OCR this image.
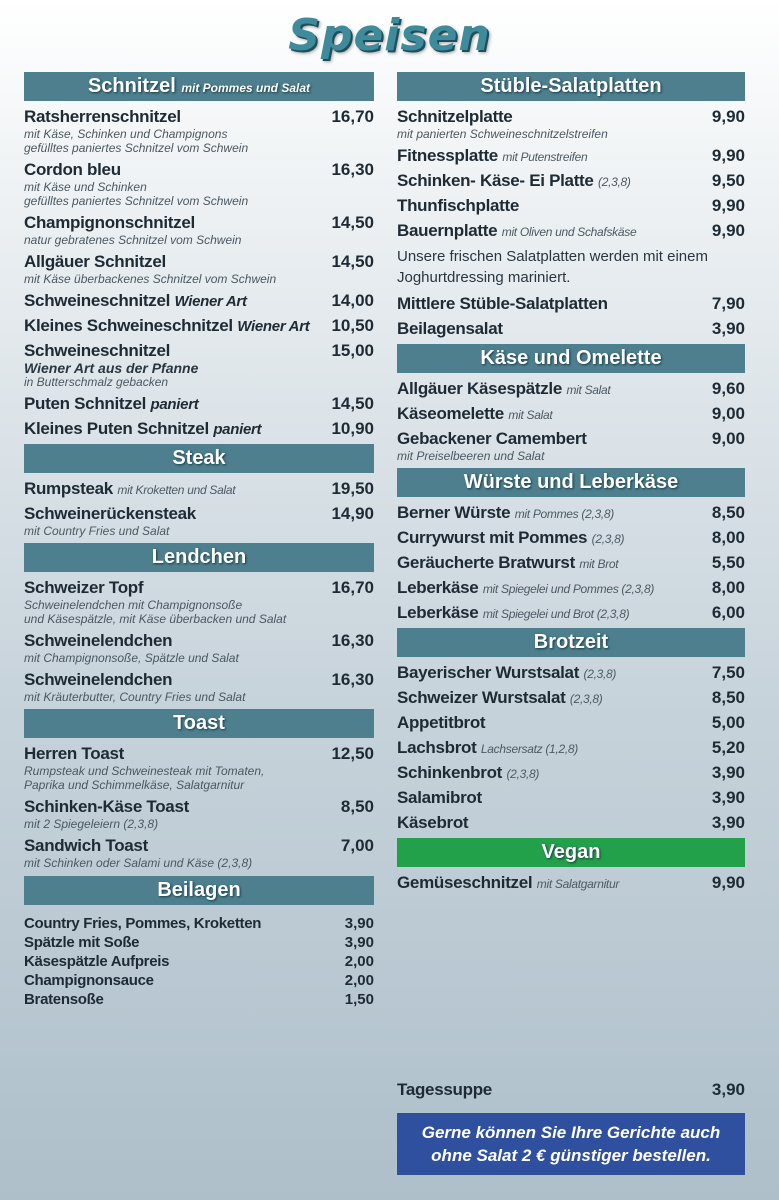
Speisen
Schnitzel mit Pommes und Salat
Ratsherrenschnitzel	16,70
mit Käse, Schinken und Champignons
gefülltes paniertes Schnitzel vom Schwein
Cordon bleu	16,30
mit Käse und Schinken
gefülltes paniertes Schnitzel vom Schwein
Champignonschnitzel	14,50
natur gebratenes Schnitzel vom Schwein
Allgäuer Schnitzel	14,50
mit Käse überbackenes Schnitzel vom Schwein
Schweineschnitzel Wiener Art	14,00
Kleines Schweineschnitzel Wiener Art 10,50
Schweineschnitzel	15,00
Wiener Art aus der Pfanne
in Butterschmalz gebacken
Puten Schnitzel paniert	14,50
Kleines Puten Schnitzel paniert	10,90
Steak
Rumpsteak mit Kroketten und Salat	19,50
Schweinerückensteak	14,90
mit Country Fries und Salat
Lendchen
Schweizer Topf	16,70
Schweinelendchen mit Champignonsoße
und Käsespätzle, mit Käse überbacken und Salat
Schweinelendchen	16,30
mit Champignonsoße, Spätzle und Salat
Schweinelendchen	16,30
mit Kräuterbutter, Country Fries und Salat
Toast
Herren Toast	12,50
Rumpsteak und Schweinesteak mit Tomaten,
Paprika und Schimmelkäse, Salatgarnitur
Schinken-Käse Toast	8,50
mit 2 Spiegeleiern (2,3,8)
Sandwich Toast	7,00
mit Schinken oder Salami und Käse (2,3,8)
Beilagen
Country Fries, Pommes, Kroketten	3,90
Spätzle mit Soße	3,90
Käsespätzle Aufpreis	2,00
Champignonsauce	2,00
Bratensoße	1,50
Stüble-Salatplatten
Schnitzelplatte	9,90
mit panierten Schweineschnitzelstreifen
Fitnessplatte mit Putenstreifen	9,90
Schinken- Käse- Ei Platte (2,3,8)	9,50
Thunfischplatte	9,90
Bauernplatte mit Oliven und Schafskäse	9,90
Unsere frischen Salatplatten werden mit einem Joghurtdressing mariniert.
Mittlere Stüble-Salatplatten	7,90
Beilagensalat	3,90
Käse und Omelette
Allgäuer Käsespätzle mit Salat	9,60
Käseomelette mit Salat	9,00
Gebackener Camembert	9,00
mit Preiselbeeren und Salat
Würste und Leberkäse
Berner Würste mit Pommes (2,3,8)	8,50
Currywurst mit Pommes (2,3,8)	8,00
Geräucherte Bratwurst mit Brot	5,50
Leberkäse mit Spiegelei und Pommes (2,3,8)	8,00
Leberkäse mit Spiegelei und Brot (2,3,8)	6,00
Brotzeit
Bayerischer Wurstsalat (2,3,8)	7,50
Schweizer Wurstsalat (2,3,8)	8,50
Appetitbrot	5,00
Lachsbrot Lachsersatz (1,2,8)	5,20
Schinkenbrot (2,3,8)	3,90
Salamibrot	3,90
Käsebrot	3,90
Vegan
Gemüseschnitzel mit Salatgarnitur	9,90
Tagessuppe	3,90
Gerne können Sie Ihre Gerichte auch
ohne Salat 2 € günstiger bestellen.
